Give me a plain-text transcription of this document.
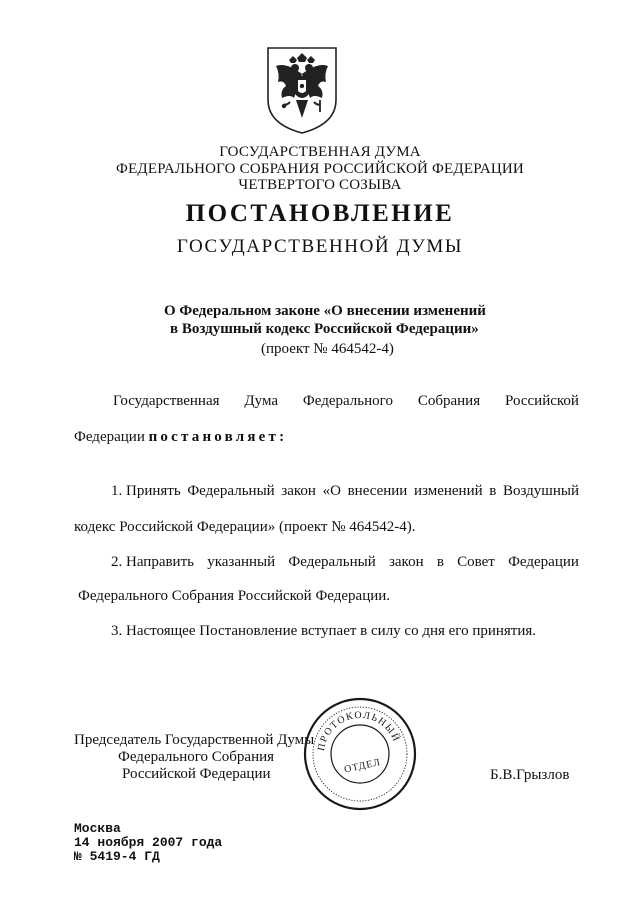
ГОСУДАРСТВЕННАЯ ДУМА
ФЕДЕРАЛЬНОГО СОБРАНИЯ РОССИЙСКОЙ ФЕДЕРАЦИИ
ЧЕТВЕРТОГО СОЗЫВА
ПОСТАНОВЛЕНИЕ
ГОСУДАРСТВЕННОЙ ДУМЫ
О Федеральном законе «О внесении изменений
в Воздушный кодекс Российской Федерации»
(проект № 464542-4)
Государственная Дума Федерального Собрания Российской
Федерации постановляет:
1. Принять Федеральный закон «О внесении изменений в Воздушный
кодекс Российской Федерации» (проект № 464542-4).
2. Направить указанный Федеральный закон в Совет Федерации
Федерального Собрания Российской Федерации.
3. Настоящее Постановление вступает в силу со дня его принятия.
Председатель Государственной Думы
Федерального Собрания
Российской Федерации	Б.В.Грызлов
ПРОТОКОЛЬНЫЙ
ОТДЕЛ
Москва
14 ноября 2007 года
№ 5419-4 ГД
